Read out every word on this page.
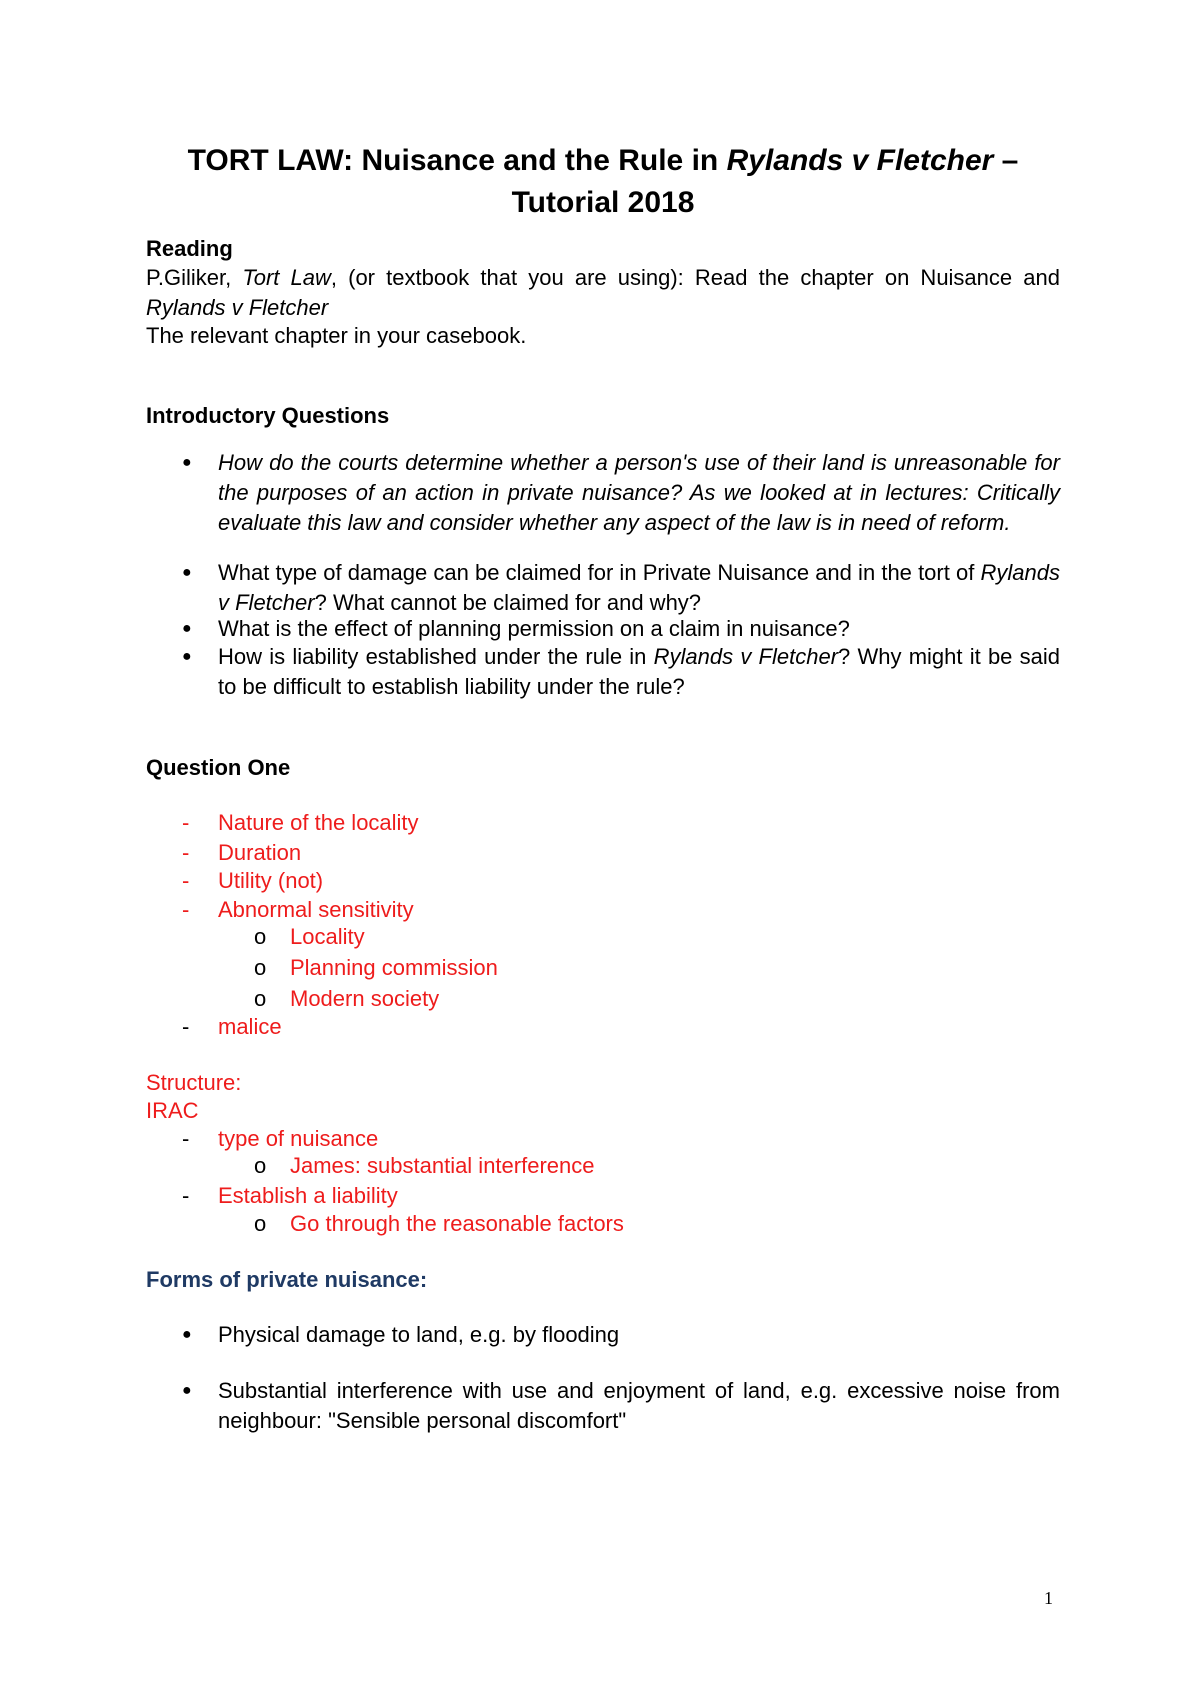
TORT LAW: Nuisance and the Rule in Rylands v Fletcher –
Tutorial 2018
Reading
P.Giliker, Tort Law, (or textbook that you are using): Read the chapter on Nuisance and Rylands v Fletcher
The relevant chapter in your casebook.
Introductory Questions
● How do the courts determine whether a person's use of their land is unreasonable for the purposes of an action in private nuisance? As we looked at in lectures: Critically evaluate this law and consider whether any aspect of the law is in need of reform.
● What type of damage can be claimed for in Private Nuisance and in the tort of Rylands v Fletcher? What cannot be claimed for and why?
● What is the effect of planning permission on a claim in nuisance?
● How is liability established under the rule in Rylands v Fletcher? Why might it be said to be difficult to establish liability under the rule?
Question One
- Nature of the locality
- Duration
- Utility (not)
- Abnormal sensitivity
o Locality
o Planning commission
o Modern society
- malice
Structure:
IRAC
- type of nuisance
o James: substantial interference
- Establish a liability
o Go through the reasonable factors
Forms of private nuisance:
● Physical damage to land, e.g. by flooding
● Substantial interference with use and enjoyment of land, e.g. excessive noise from neighbour: "Sensible personal discomfort"
1
